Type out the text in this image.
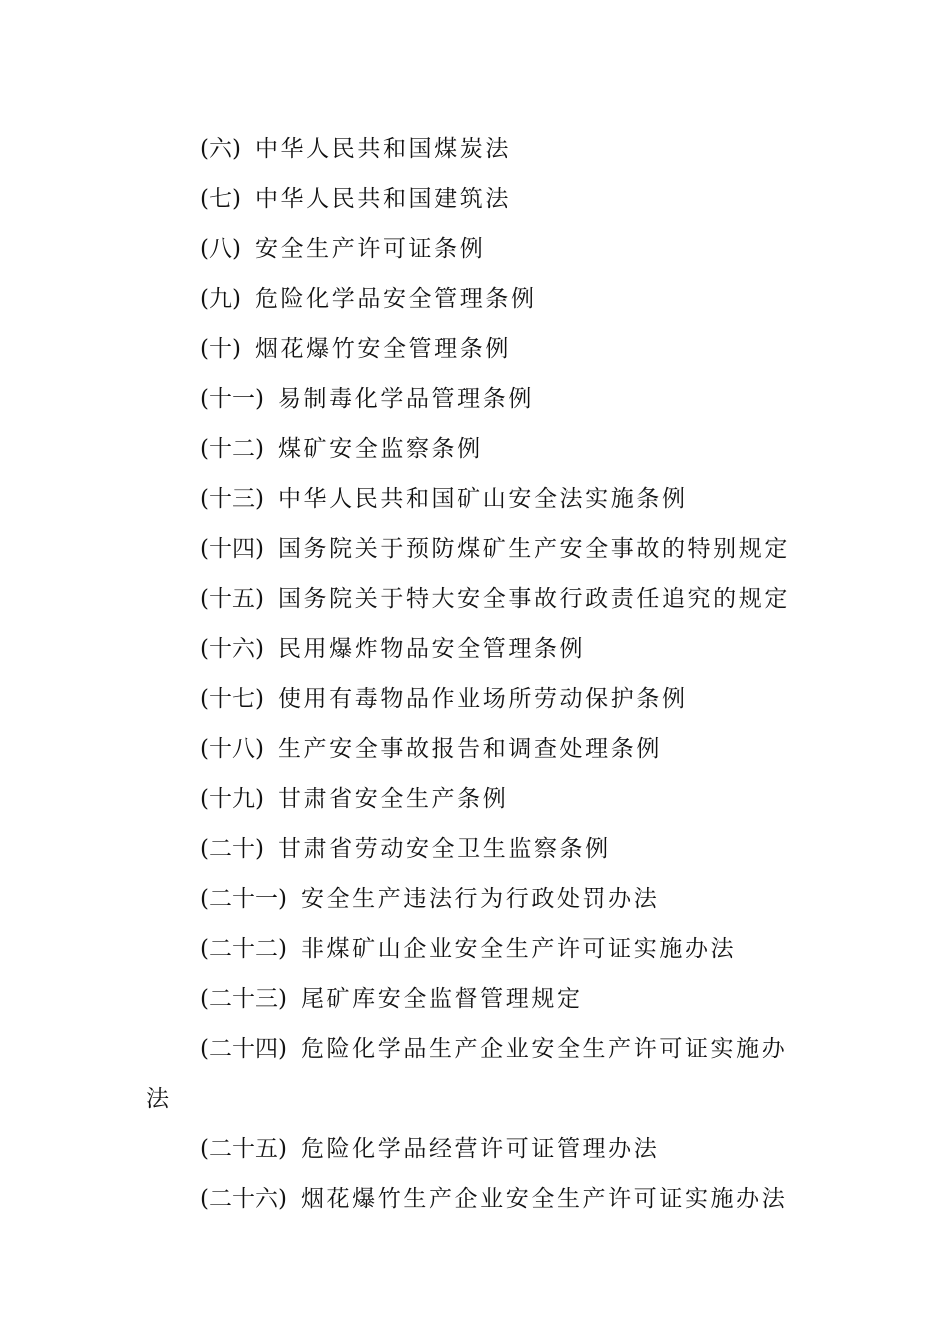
(六) 中华人民共和国煤炭法
(七) 中华人民共和国建筑法
(八) 安全生产许可证条例
(九) 危险化学品安全管理条例
(十) 烟花爆竹安全管理条例
(十一) 易制毒化学品管理条例
(十二) 煤矿安全监察条例
(十三) 中华人民共和国矿山安全法实施条例
(十四) 国务院关于预防煤矿生产安全事故的特别规定
(十五) 国务院关于特大安全事故行政责任追究的规定
(十六) 民用爆炸物品安全管理条例
(十七) 使用有毒物品作业场所劳动保护条例
(十八) 生产安全事故报告和调查处理条例
(十九) 甘肃省安全生产条例
(二十) 甘肃省劳动安全卫生监察条例
(二十一) 安全生产违法行为行政处罚办法
(二十二) 非煤矿山企业安全生产许可证实施办法
(二十三) 尾矿库安全监督管理规定
(二十四) 危险化学品生产企业安全生产许可证实施办
法
(二十五) 危险化学品经营许可证管理办法
(二十六) 烟花爆竹生产企业安全生产许可证实施办法
